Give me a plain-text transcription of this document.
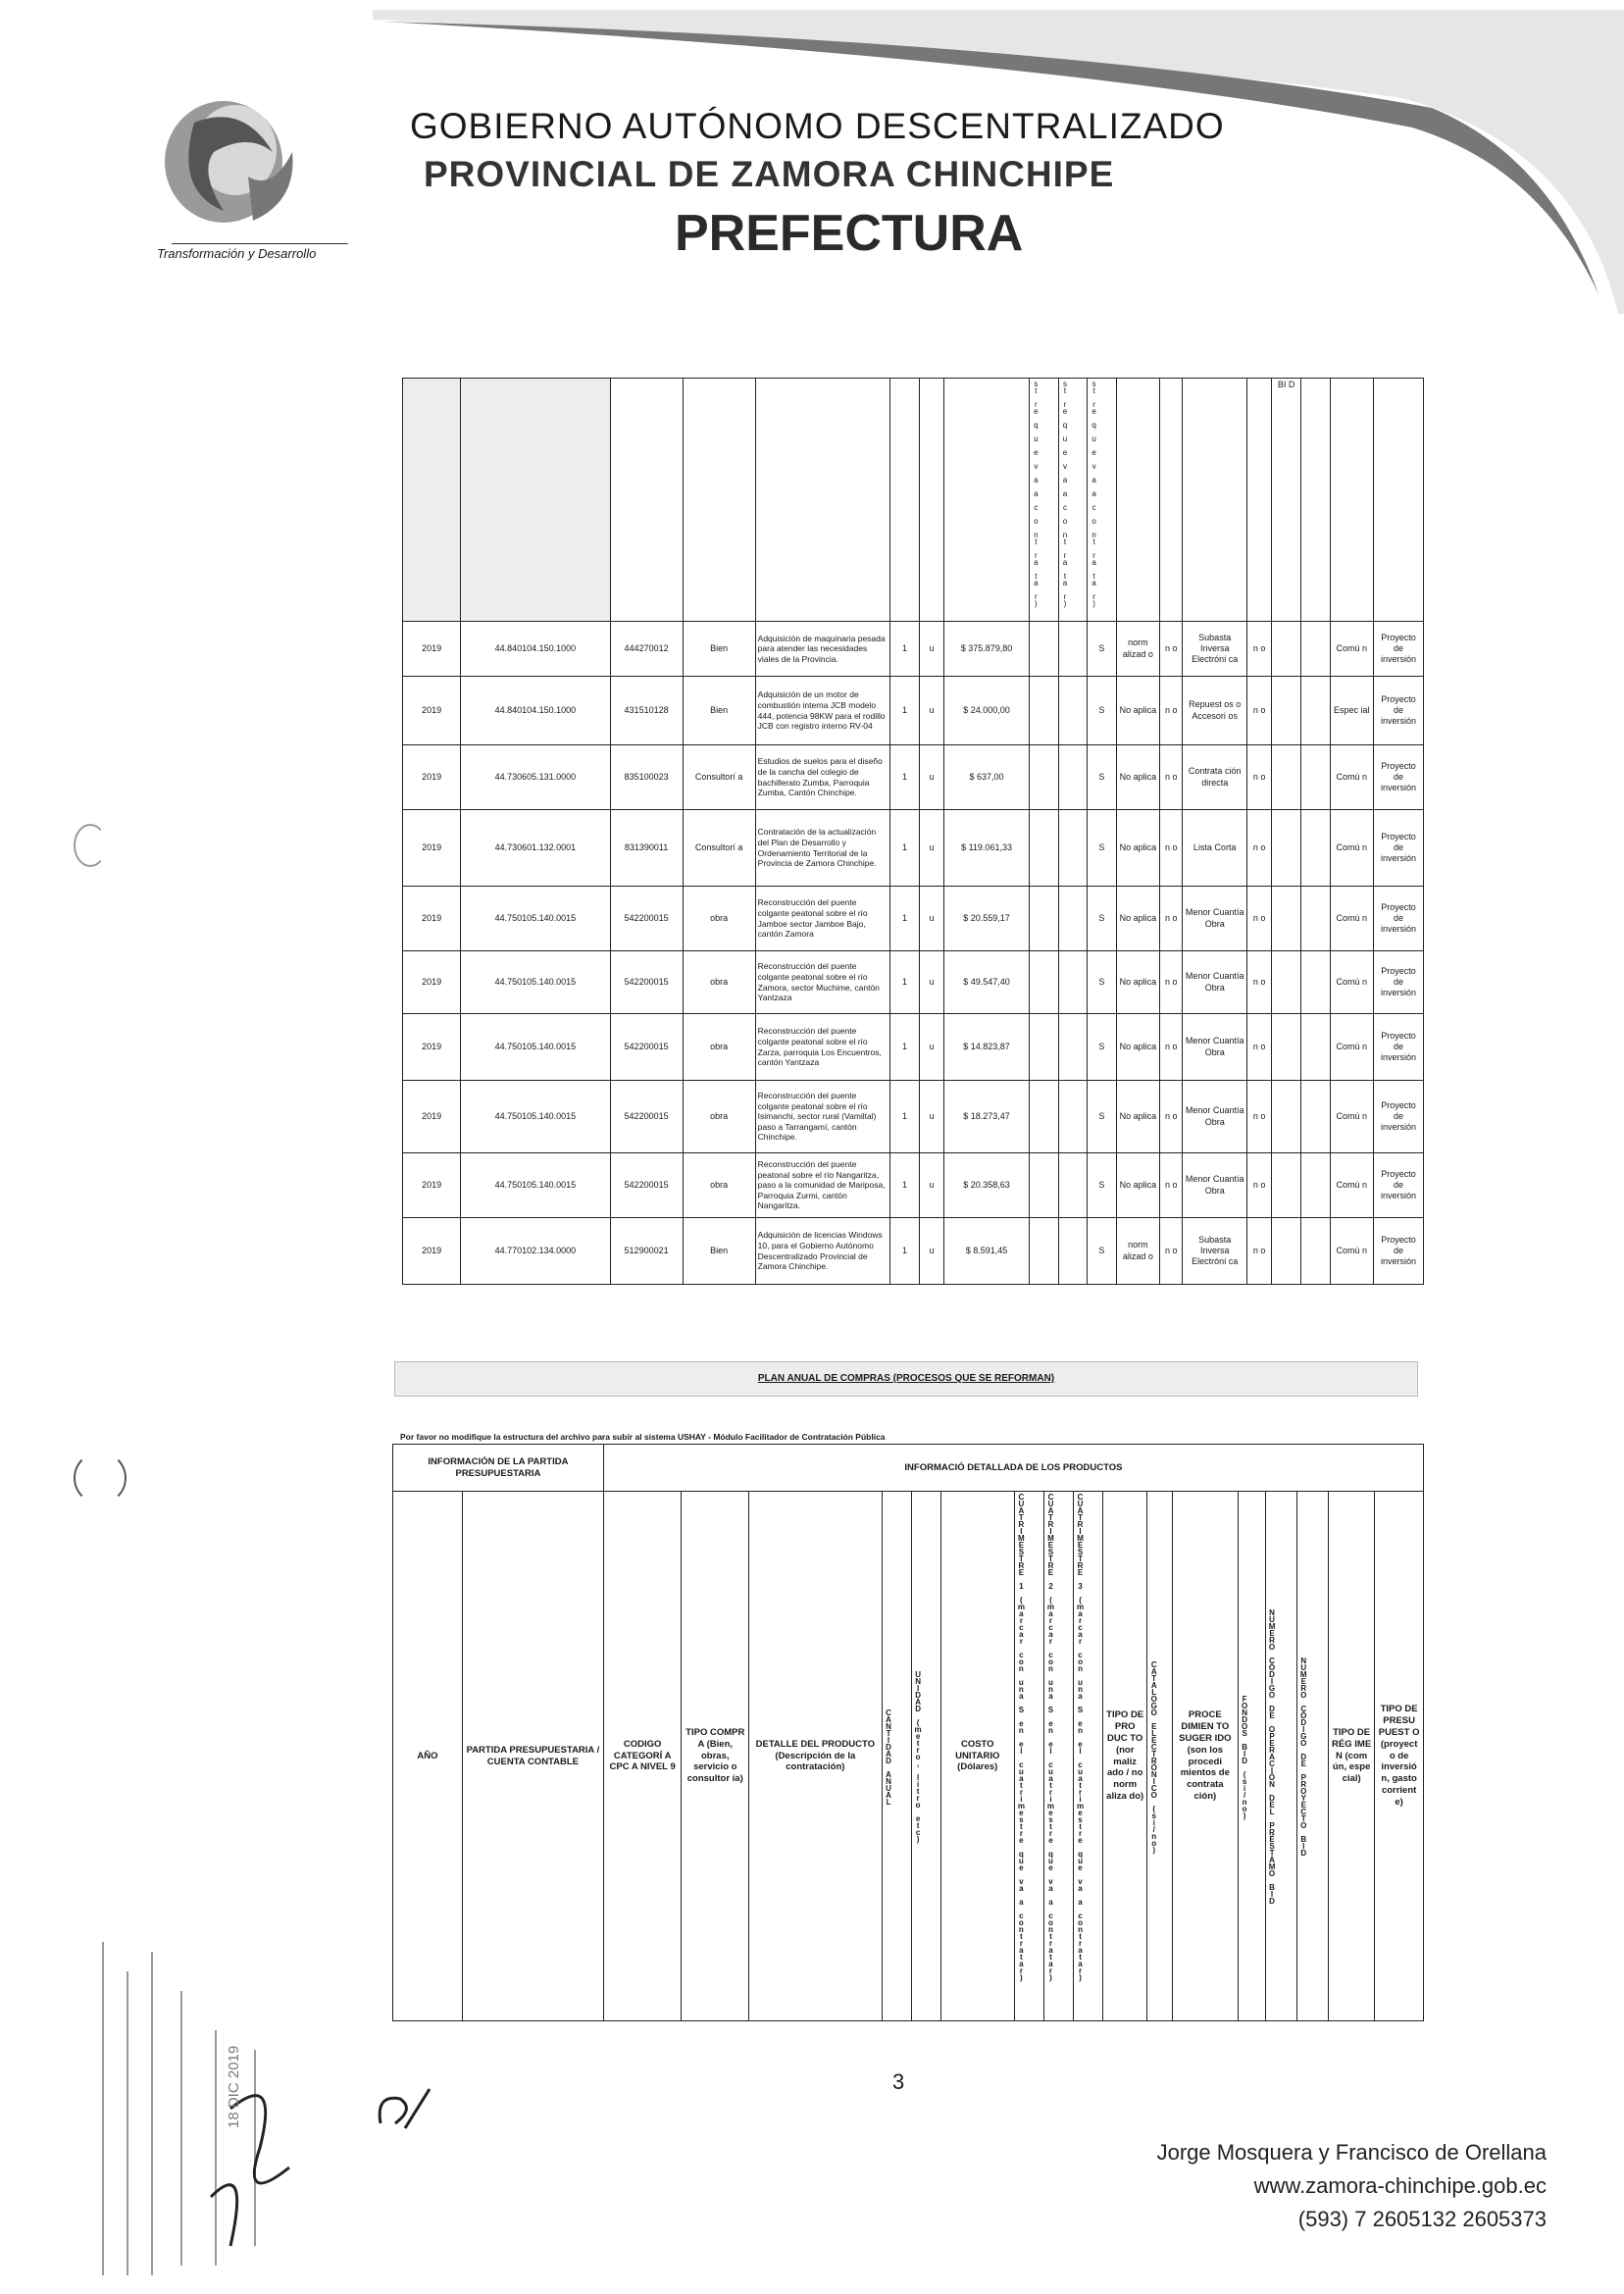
Transformación y Desarrollo
GOBIERNO AUTÓNOMO DESCENTRALIZADO
PROVINCIAL DE ZAMORA CHINCHIPE
PREFECTURA

								st re q u e v a a c o nt ra ta r)	st re q u e v a a c o nt ra ta r)	st re q u e v a a c o nt ra ta r)					BI D			
2019	44.840104.150.1000	444270012	Bien	Adquisición de maquinaria pesada para atender las necesidades viales de la Provincia.	1	u	$ 375.879,80			S	norm alizad o	n o	Subasta Inversa Electróni ca	n o			Comú n	Proyecto de inversión
2019	44.840104.150.1000	431510128	Bien	Adquisición de un motor de combustión interna JCB modelo 444, potencia 98KW para el rodillo JCB con registro interno RV-04	1	u	$ 24.000,00			S	No aplica	n o	Repuest os o Accesori os	n o			Espec ial	Proyecto de inversión
2019	44.730605.131.0000	835100023	Consultorí a	Estudios de suelos para el diseño de la cancha del colegio de bachillerato Zumba, Parroquia Zumba, Cantón Chinchipe.	1	u	$ 637,00			S	No aplica	n o	Contrata ción directa	n o			Comú n	Proyecto de inversión
2019	44.730601.132.0001	831390011	Consultorí a	Contratación de la actualización del Plan de Desarrollo y Ordenamiento Territorial de la Provincia de Zamora Chinchipe.	1	u	$ 119.061,33			S	No aplica	n o	Lista Corta	n o			Comú n	Proyecto de inversión
2019	44.750105.140.0015	542200015	obra	Reconstrucción del puente colgante peatonal sobre el río Jamboe sector Jamboe Bajo, cantón Zamora	1	u	$ 20.559,17			S	No aplica	n o	Menor Cuantía Obra	n o			Comú n	Proyecto de inversión
2019	44.750105.140.0015	542200015	obra	Reconstrucción del puente colgante peatonal sobre el río Zamora, sector Muchime, cantón Yantzaza	1	u	$ 49.547,40			S	No aplica	n o	Menor Cuantía Obra	n o			Comú n	Proyecto de inversión
2019	44.750105.140.0015	542200015	obra	Reconstrucción del puente colgante peatonal sobre el río Zarza, parroquia Los Encuentros, cantón Yantzaza	1	u	$ 14.823,87			S	No aplica	n o	Menor Cuantía Obra	n o			Comú n	Proyecto de inversión
2019	44.750105.140.0015	542200015	obra	Reconstrucción del puente colgante peatonal sobre el río Isimanchi, sector rural (Vamiltal) paso a Tarrangamí, cantón Chinchipe.	1	u	$ 18.273,47			S	No aplica	n o	Menor Cuantía Obra	n o			Comú n	Proyecto de inversión
2019	44.750105.140.0015	542200015	obra	Reconstrucción del puente peatonal sobre el río Nangaritza, paso a la comunidad de Mariposa, Parroquia Zurmi, cantón Nangaritza.	1	u	$ 20.358,63			S	No aplica	n o	Menor Cuantía Obra	n o			Comú n	Proyecto de inversión
2019	44.770102.134.0000	512900021	Bien	Adquisición de licencias Windows 10, para el Gobierno Autónomo Descentralizado Provincial de Zamora Chinchipe.	1	u	$ 8.591,45			S	norm alizad o	n o	Subasta Inversa Electróni ca	n o			Comú n	Proyecto de inversión
PLAN ANUAL DE COMPRAS (PROCESOS QUE SE REFORMAN)
Por favor no modifique la estructura del archivo para subir al sistema USHAY - Módulo Facilitador de Contratación Pública
INFORMACIÓN DE LA PARTIDA PRESUPUESTARIA		INFORMACIÓ DETALLADA DE LOS PRODUCTOS																
AÑO	PARTIDA PRESUPUESTARIA / CUENTA CONTABLE	CODIGO CATEGORÍ A CPC A NIVEL 9	TIPO COMPR A (Bien, obras, servicio o consultor ía)	DETALLE DEL PRODUCTO (Descripción de la contratación)	CANTIDAD ANUAL	UNIDAD (metro, litro etc)	COSTO UNITARIO (Dólares)	CUATRIMESTRE 1 (marcar con una S en el cuatrimestre que va a contratar)	CUATRIMESTRE 2 (marcar con una S en el cuatrimestre que va a contratar)	CUATRIMESTRE 3 (marcar con una S en el cuatrimestre que va a contratar)	TIPO DE PRO DUC TO (nor maliz ado / no norm aliza do)	CATALOGO ELECTRÓNICO (si/no)	PROCE DIMIEN TO SUGER IDO (son los procedi mientos de contrata ción)	FONDOS BID (si/no)	NUMERO CÓDIGO DE OPERACIÓN DEL PRÉSTAMO BID	NUMERO CÓDIGO DE PROYECTO BID	TIPO DE RÉG IME N (com ún, espe cial)	TIPO DE PRESU PUEST O (proyect o de inversió n, gasto corrient e)
3
Jorge Mosquera y Francisco de Orellana
www.zamora-chinchipe.gob.ec
(593) 7 2605132 2605373
18 DIC 2019
